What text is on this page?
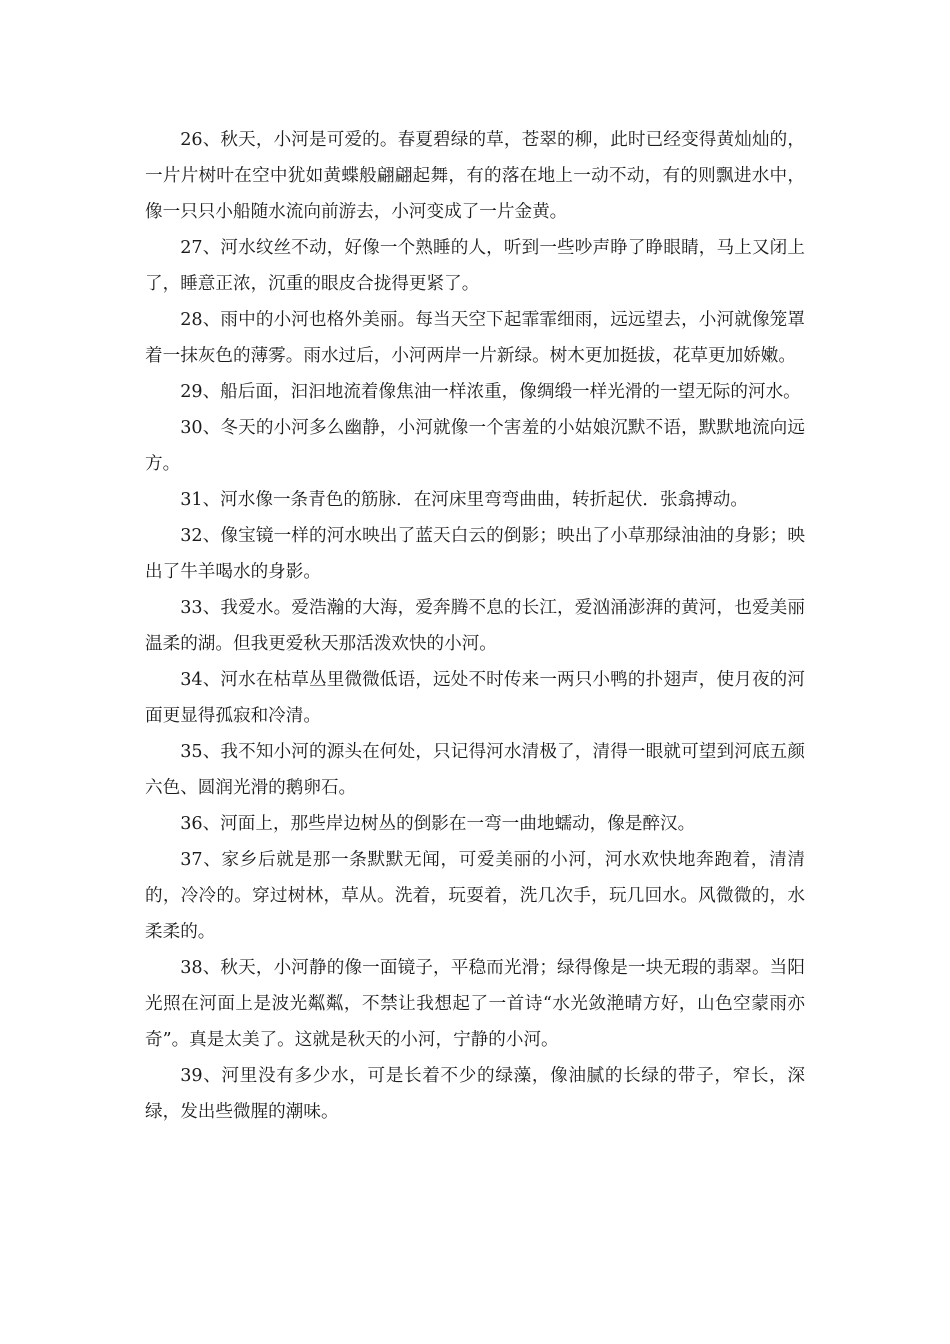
26、秋天，小河是可爱的。春夏碧绿的草，苍翠的柳，此时已经变得黄灿灿的，一片片树叶在空中犹如黄蝶般翩翩起舞，有的落在地上一动不动，有的则飘进水中，像一只只小船随水流向前游去，小河变成了一片金黄。

27、河水纹丝不动，好像一个熟睡的人，听到一些吵声睁了睁眼睛，马上又闭上了，睡意正浓，沉重的眼皮合拢得更紧了。

28、雨中的小河也格外美丽。每当天空下起霏霏细雨，远远望去，小河就像笼罩着一抹灰色的薄雾。雨水过后，小河两岸一片新绿。树木更加挺拔，花草更加娇嫩。

29、船后面，汩汩地流着像焦油一样浓重，像绸缎一样光滑的一望无际的河水。

30、冬天的小河多么幽静，小河就像一个害羞的小姑娘沉默不语，默默地流向远方。

31、河水像一条青色的筋脉．在河床里弯弯曲曲，转折起伏．张翕搏动。

32、像宝镜一样的河水映出了蓝天白云的倒影；映出了小草那绿油油的身影；映出了牛羊喝水的身影。

33、我爱水。爱浩瀚的大海，爱奔腾不息的长江，爱汹涌澎湃的黄河，也爱美丽温柔的湖。但我更爱秋天那活泼欢快的小河。

34、河水在枯草丛里微微低语，远处不时传来一两只小鸭的扑翅声，使月夜的河面更显得孤寂和冷清。

35、我不知小河的源头在何处，只记得河水清极了，清得一眼就可望到河底五颜六色、圆润光滑的鹅卵石。

36、河面上，那些岸边树丛的倒影在一弯一曲地蠕动，像是醉汉。

37、家乡后就是那一条默默无闻，可爱美丽的小河，河水欢快地奔跑着，清清的，冷冷的。穿过树林，草从。洗着，玩耍着，洗几次手，玩几回水。风微微的，水柔柔的。

38、秋天，小河静的像一面镜子，平稳而光滑；绿得像是一块无瑕的翡翠。当阳光照在河面上是波光粼粼，不禁让我想起了一首诗“水光敛滟晴方好，山色空蒙雨亦奇”。真是太美了。这就是秋天的小河，宁静的小河。

39、河里没有多少水，可是长着不少的绿藻，像油腻的长绿的带子，窄长，深绿，发出些微腥的潮味。
